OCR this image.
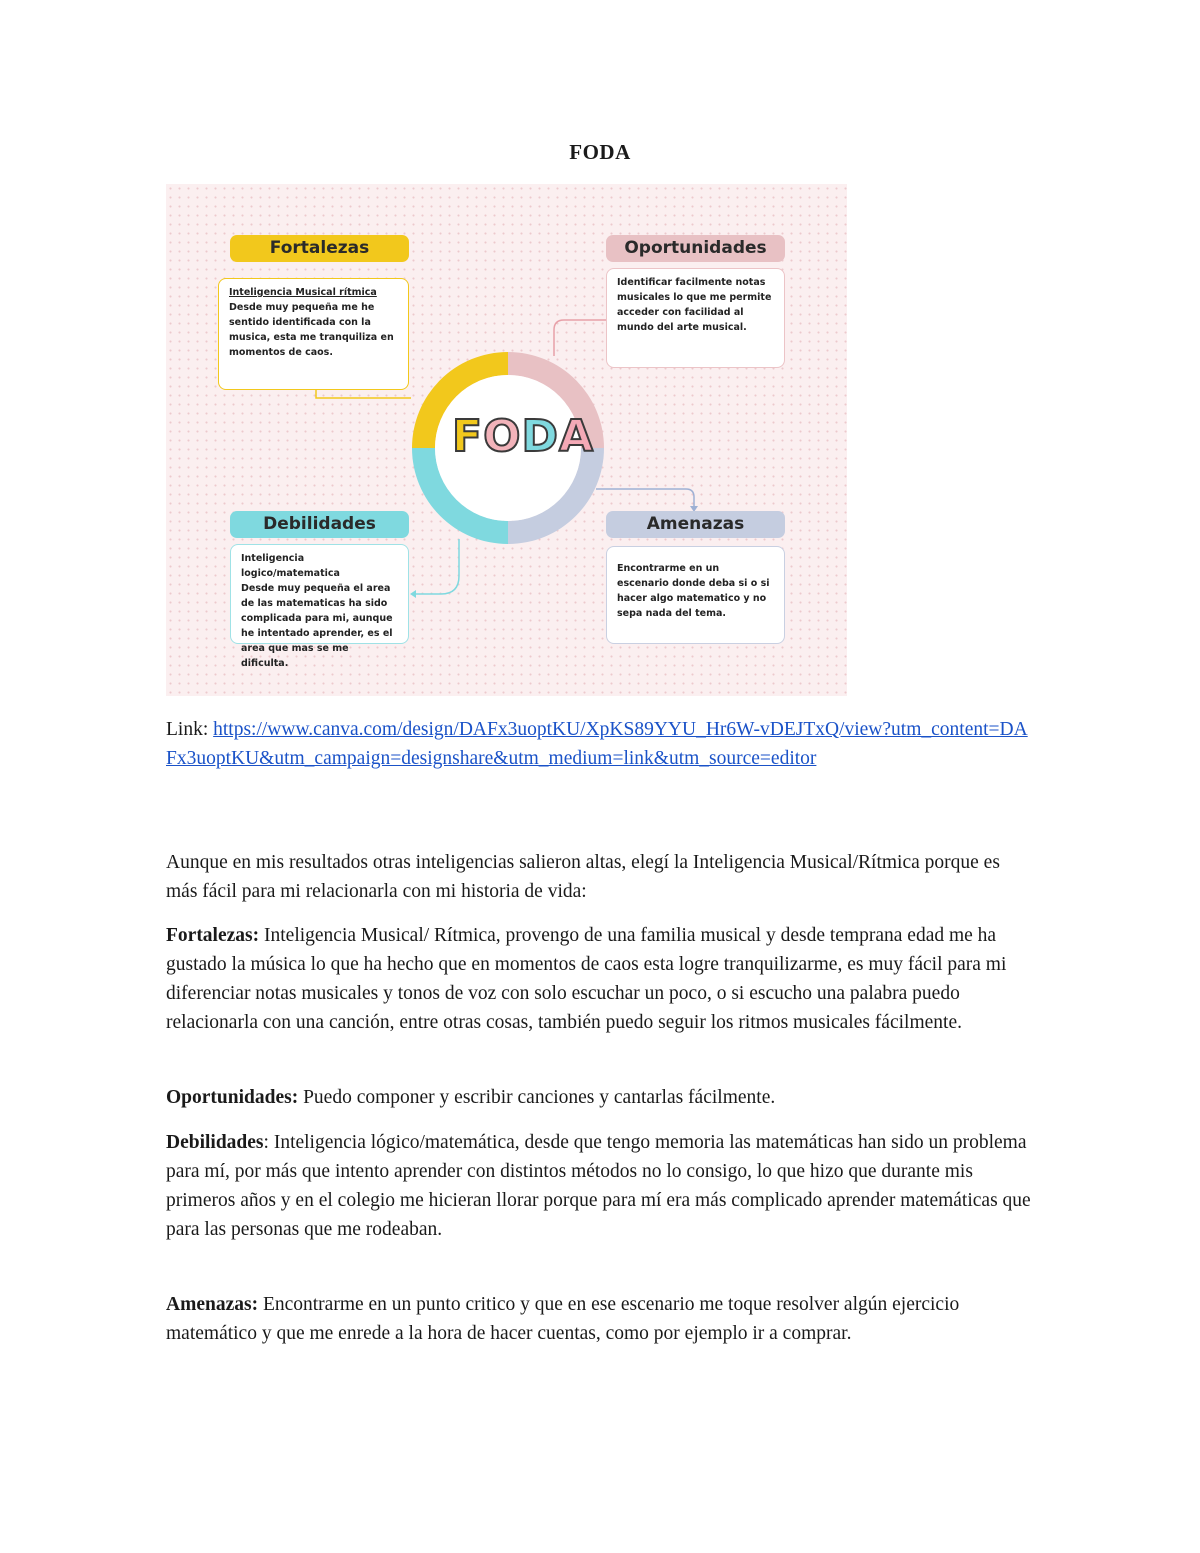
FODA
FODA
Fortalezas
Inteligencia Musical rítmica
Desde muy pequeña me he sentido identificada con la musica, esta me tranquiliza en momentos de caos.
Oportunidades
Identificar facilmente notas musicales lo que me permite acceder con facilidad al mundo del arte musical.
Debilidades
Inteligencia logico/matematica
Desde muy pequeña el area de las matematicas ha sido complicada para mi, aunque he intentado aprender, es el area que mas se me dificulta.
Amenazas
Encontrarme en un escenario donde deba si o si hacer algo matematico y no sepa nada del tema.
Link: https://www.canva.com/design/DAFx3uoptKU/XpKS89YYU_Hr6W-vDEJTxQ/view?utm_content=DAFx3uoptKU&utm_campaign=designshare&utm_medium=link&utm_source=editor

Aunque en mis resultados otras inteligencias salieron altas, elegí la Inteligencia Musical/Rítmica porque es más fácil para mi relacionarla con mi historia de vida:

Fortalezas: Inteligencia Musical/ Rítmica, provengo de una familia musical y desde temprana edad me ha gustado la música lo que ha hecho que en momentos de caos esta logre tranquilizarme, es muy fácil para mi diferenciar notas musicales y tonos de voz con solo escuchar un poco, o si escucho una palabra puedo relacionarla con una canción, entre otras cosas, también puedo seguir los ritmos musicales fácilmente.

Oportunidades: Puedo componer y escribir canciones y cantarlas fácilmente.

Debilidades: Inteligencia lógico/matemática, desde que tengo memoria las matemáticas han sido un problema para mí, por más que intento aprender con distintos métodos no lo consigo, lo que hizo que durante mis primeros años y en el colegio me hicieran llorar porque para mí era más complicado aprender matemáticas que para las personas que me rodeaban.

Amenazas: Encontrarme en un punto critico y que en ese escenario me toque resolver algún ejercicio matemático y que me enrede a la hora de hacer cuentas, como por ejemplo ir a comprar.
